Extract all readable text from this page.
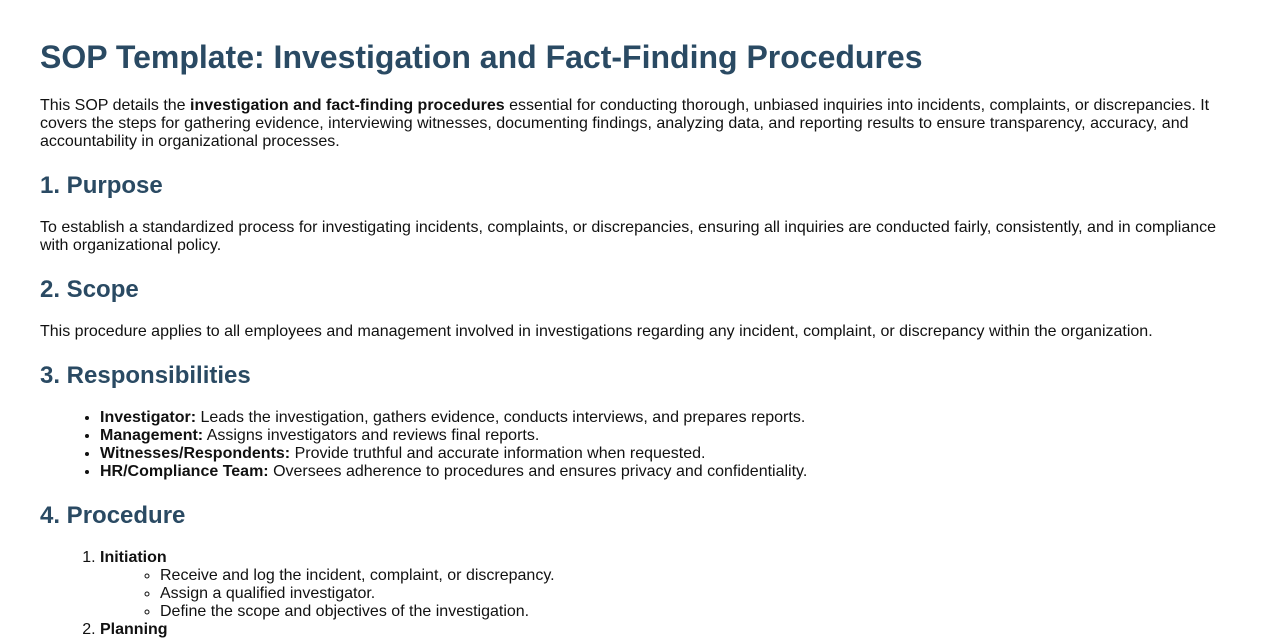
SOP Template: Investigation and Fact-Finding Procedures

This SOP details the investigation and fact-finding procedures essential for conducting thorough, unbiased inquiries into incidents, complaints, or discrepancies. It covers the steps for gathering evidence, interviewing witnesses, documenting findings, analyzing data, and reporting results to ensure transparency, accuracy, and accountability in organizational processes.

1. Purpose

To establish a standardized process for investigating incidents, complaints, or discrepancies, ensuring all inquiries are conducted fairly, consistently, and in compliance with organizational policy.

2. Scope

This procedure applies to all employees and management involved in investigations regarding any incident, complaint, or discrepancy within the organization.

3. Responsibilities
• Investigator: Leads the investigation, gathers evidence, conducts interviews, and prepares reports.
• Management: Assigns investigators and reviews final reports.
• Witnesses/Respondents: Provide truthful and accurate information when requested.
• HR/Compliance Team: Oversees adherence to procedures and ensures privacy and confidentiality.
4. Procedure
1. Initiation
◦ Receive and log the incident, complaint, or discrepancy.
◦ Assign a qualified investigator.
◦ Define the scope and objectives of the investigation.
2. Planning
